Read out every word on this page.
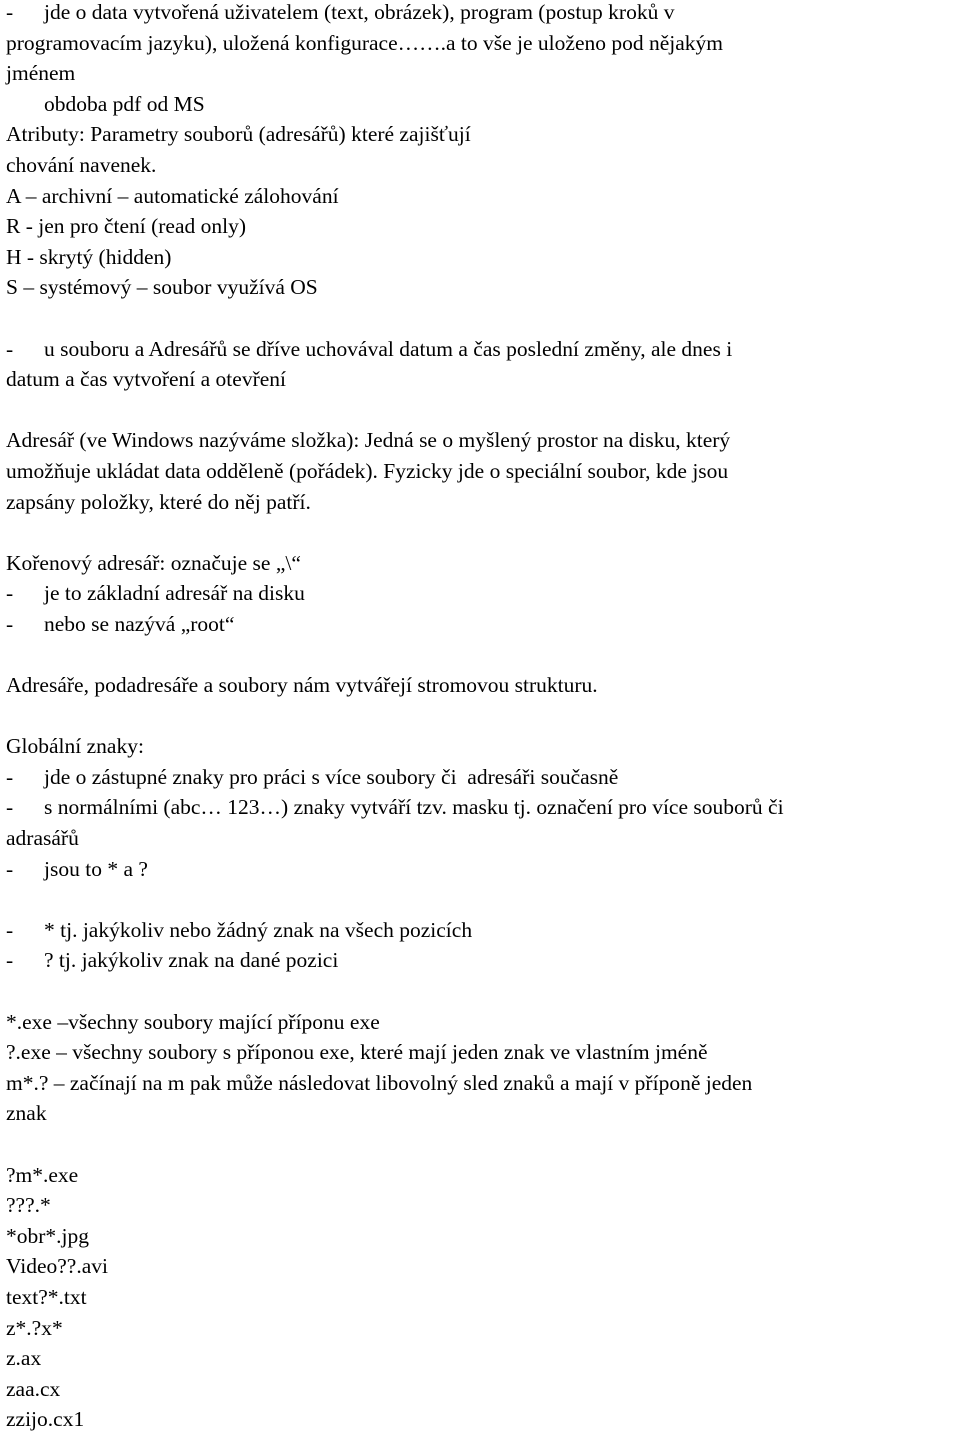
- jde o data vytvořená uživatelem (text, obrázek), program (postup kroků v
programovacím jazyku), uložená konfigurace…….a to vše je uloženo pod nějakým
jménem
obdoba pdf od MS
Atributy: Parametry souborů (adresářů) které zajišťují
chování navenek.
A – archivní – automatické zálohování
R - jen pro čtení (read only)
H - skrytý (hidden)
S – systémový – soubor využívá OS
- u souboru a Adresářů se dříve uchovával datum a čas poslední změny, ale dnes i
datum a čas vytvoření a otevření
Adresář (ve Windows nazýváme složka): Jedná se o myšlený prostor na disku, který
umožňuje ukládat data odděleně (pořádek). Fyzicky jde o speciální soubor, kde jsou
zapsány položky, které do něj patří.
Kořenový adresář: označuje se „\“
- je to základní adresář na disku
- nebo se nazývá „root“
Adresáře, podadresáře a soubory nám vytvářejí stromovou strukturu.
Globální znaky:
- jde o zástupné znaky pro práci s více soubory či  adresáři současně
- s normálními (abc… 123…) znaky vytváří tzv. masku tj. označení pro více souborů či
adrasářů
- jsou to * a ?
- * tj. jakýkoliv nebo žádný znak na všech pozicích
- ? tj. jakýkoliv znak na dané pozici
*.exe –všechny soubory mající příponu exe
?.exe – všechny soubory s příponou exe, které mají jeden znak ve vlastním jméně
m*.? – začínají na m pak může následovat libovolný sled znaků a mají v příponě jeden
znak
?m*.exe
???.*
*obr*.jpg
Video??.avi
text?*.txt
z*.?x*
z.ax
zaa.cx
zzijo.cx1
